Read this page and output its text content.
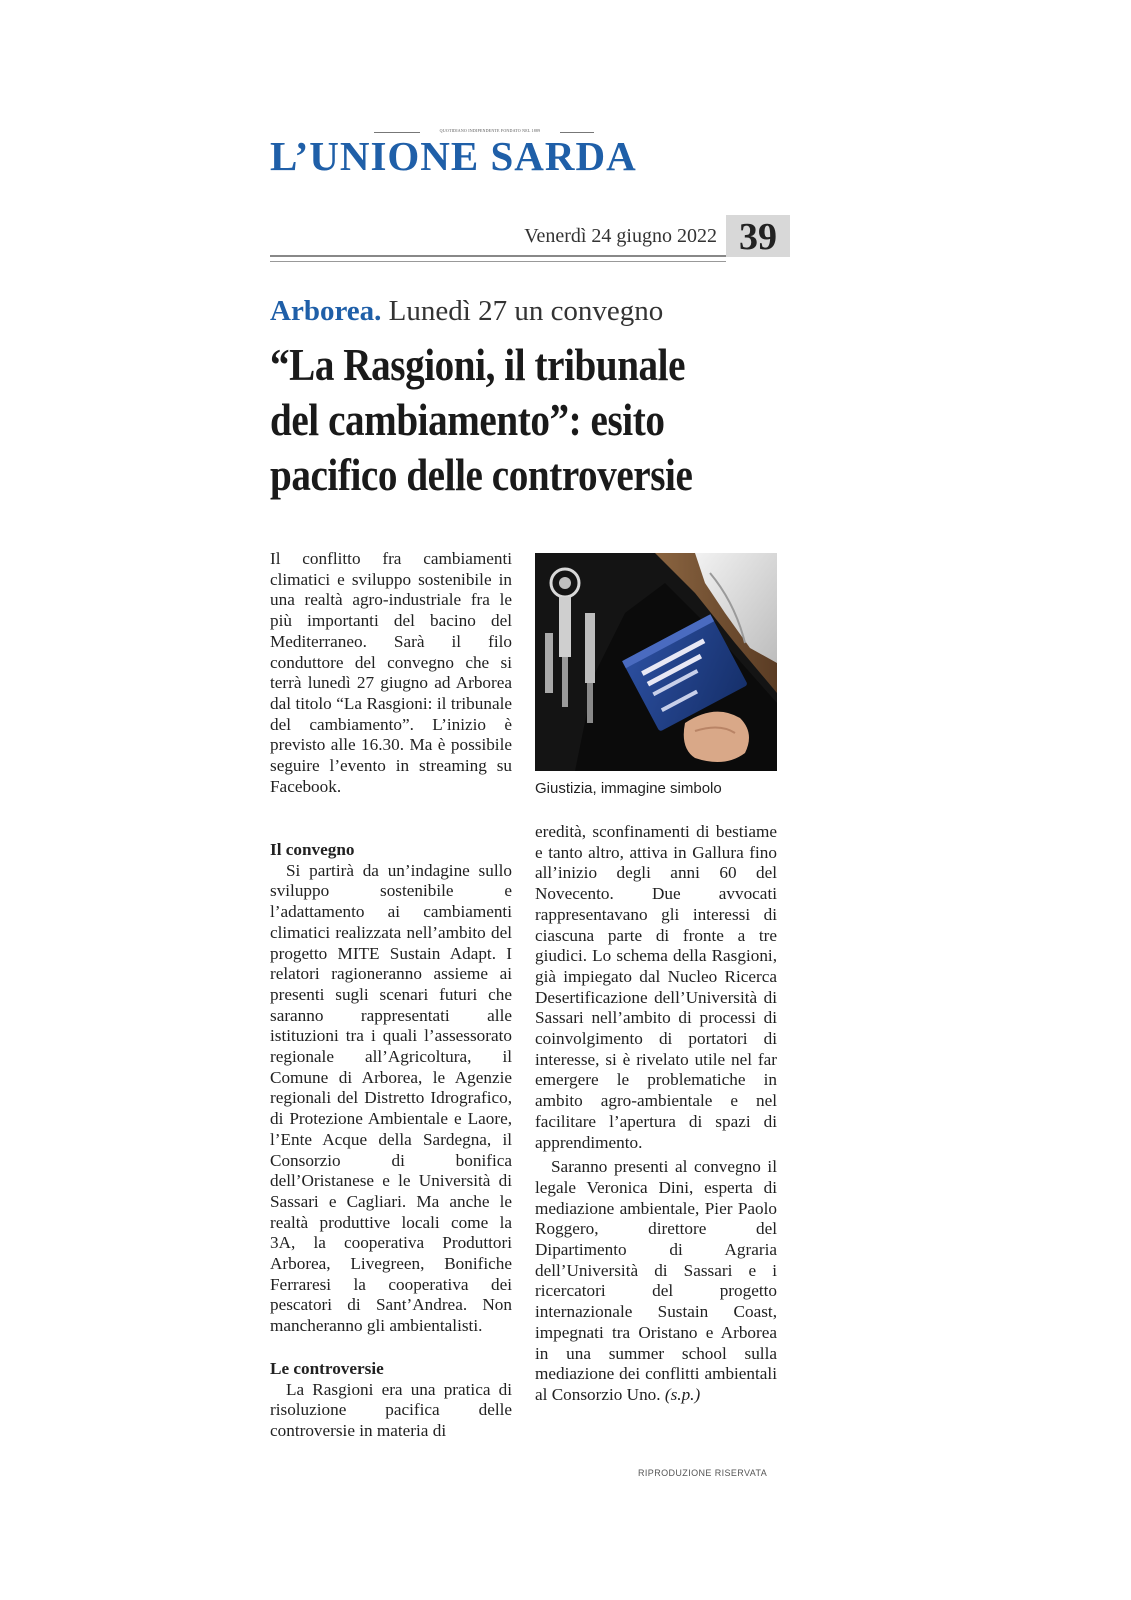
QUOTIDIANO INDIPENDENTE FONDATO NEL 1889
L’UNIONE SARDA
Venerdì 24 giugno 2022 39
Arborea. Lunedì 27 un convegno
“La Rasgioni, il tribunale
del cambiamento”: esito
pacifico delle controversie
Il conflitto fra cambiamenti climatici e sviluppo sostenibile in una realtà agro-industriale fra le più importanti del bacino del Mediterraneo. Sarà il filo conduttore del convegno che si terrà lunedì 27 giugno ad Arborea dal titolo “La Rasgioni: il tribunale del cambiamento”. L’inizio è previsto alle 16.30. Ma è possibile seguire l’evento in streaming su Facebook.	Giustizia, immagine simbolo
Il convegno
Si partirà da un’indagine sullo sviluppo sostenibile e l’adattamento ai cambiamenti climatici realizzata nell’ambito del progetto MITE Sustain Adapt. I relatori ragioneranno assieme ai presenti sugli scenari futuri che saranno rappresentati alle istituzioni tra i quali l’assessorato regionale all’Agricoltura, il Comune di Arborea, le Agenzie regionali del Distretto Idrografico, di Protezione Ambientale e Laore, l’Ente Acque della Sardegna, il Consorzio di bonifica dell’Oristanese e le Università di Sassari e Cagliari. Ma anche le realtà produttive locali come la 3A, la cooperativa Produttori Arborea, Livegreen, Bonifiche Ferraresi la cooperativa dei pescatori di Sant’Andrea. Non mancheranno gli ambientalisti.
Le controversie
La Rasgioni era una pratica di risoluzione pacifica delle controversie in materia di
eredità, sconfinamenti di bestiame e tanto altro, attiva in Gallura fino all’inizio degli anni 60 del Novecento. Due avvocati rappresentavano gli interessi di ciascuna parte di fronte a tre giudici. Lo schema della Rasgioni, già impiegato dal Nucleo Ricerca Desertificazione dell’Università di Sassari nell’ambito di processi di coinvolgimento di portatori di interesse, si è rivelato utile nel far emergere le problematiche in ambito agro-ambientale e nel facilitare l’apertura di spazi di apprendimento.
Saranno presenti al convegno il legale Veronica Dini, esperta di mediazione ambientale, Pier Paolo Roggero, direttore del Dipartimento di Agraria dell’Università di Sassari e i ricercatori del progetto internazionale Sustain Coast, impegnati tra Oristano e Arborea in una summer school sulla mediazione dei conflitti ambientali al Consorzio Uno. (s.p.)
RIPRODUZIONE RISERVATA
